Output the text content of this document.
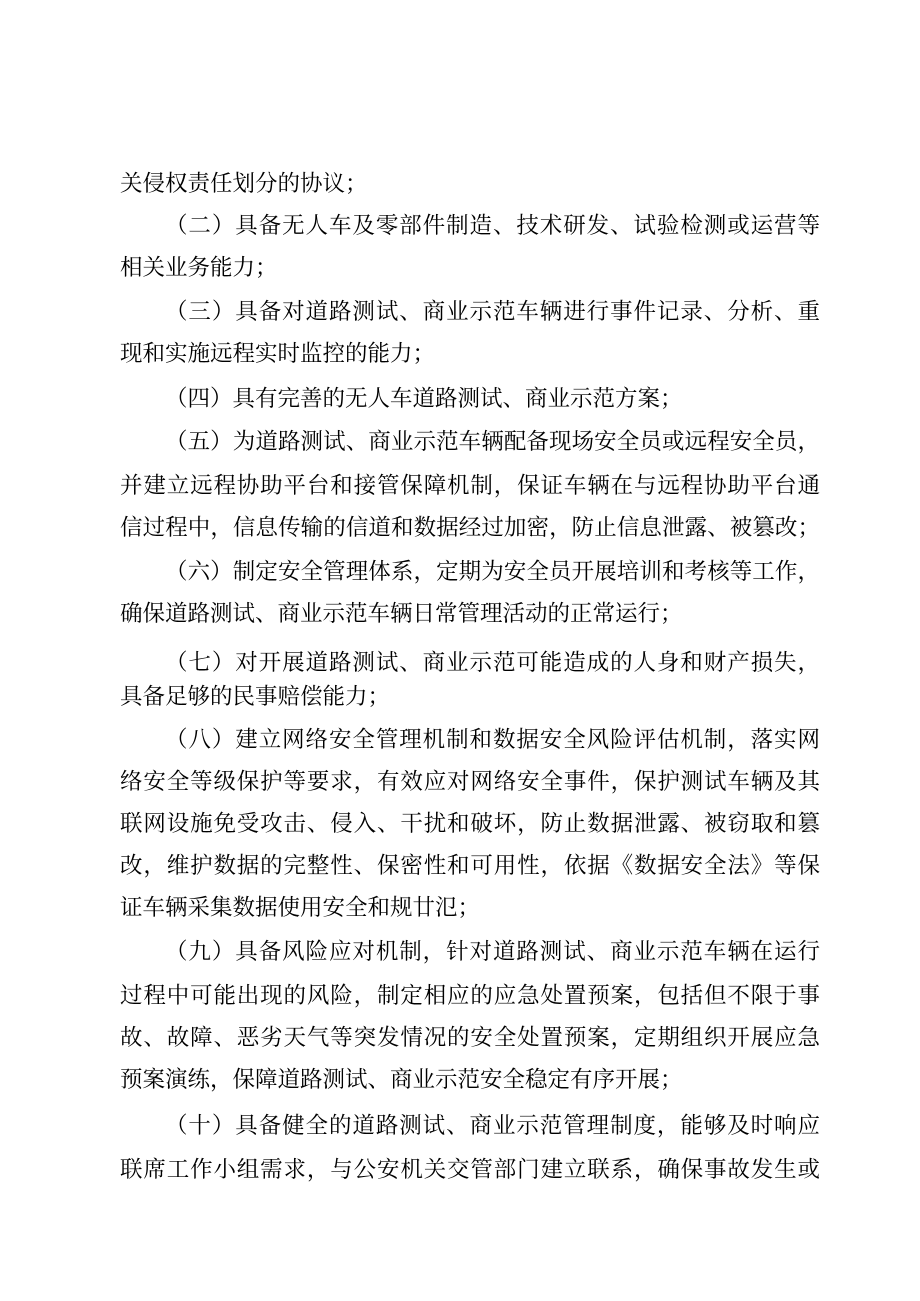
关侵权责任划分的协议；
（二）具备无人车及零部件制造、技术研发、试验检测或运营等
相关业务能力；
（三）具备对道路测试、商业示范车辆进行事件记录、分析、重
现和实施远程实时监控的能力；
（四）具有完善的无人车道路测试、商业示范方案；
（五）为道路测试、商业示范车辆配备现场安全员或远程安全员，
并建立远程协助平台和接管保障机制，保证车辆在与远程协助平台通
信过程中，信息传输的信道和数据经过加密，防止信息泄露、被篡改；
（六）制定安全管理体系，定期为安全员开展培训和考核等工作，
确保道路测试、商业示范车辆日常管理活动的正常运行；
（七）对开展道路测试、商业示范可能造成的人身和财产损失，
具备足够的民事赔偿能力；
（八）建立网络安全管理机制和数据安全风险评估机制，落实网
络安全等级保护等要求，有效应对网络安全事件，保护测试车辆及其
联网设施免受攻击、侵入、干扰和破坏，防止数据泄露、被窃取和篡
改，维护数据的完整性、保密性和可用性，依据《数据安全法》等保
证车辆采集数据使用安全和规廿氾；
（九）具备风险应对机制，针对道路测试、商业示范车辆在运行
过程中可能出现的风险，制定相应的应急处置预案，包括但不限于事
故、故障、恶劣天气等突发情况的安全处置预案，定期组织开展应急
预案演练，保障道路测试、商业示范安全稳定有序开展；
（十）具备健全的道路测试、商业示范管理制度，能够及时响应
联席工作小组需求，与公安机关交管部门建立联系，确保事故发生或
